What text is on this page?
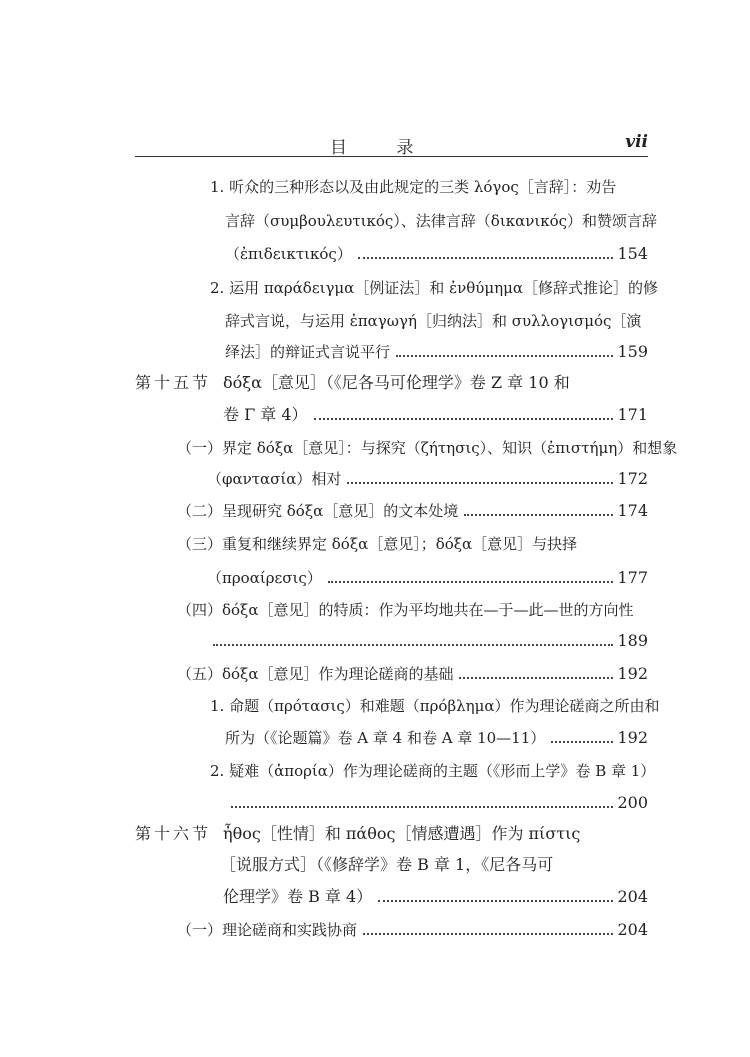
目 录	vii
1. 听众的三种形态以及由此规定的三类 λόγος［言辞］：劝告
言辞（συμβουλευτικός）、法律言辞（δικανικός）和赞颂言辞
（ἐπιδεικτικός）	154
2. 运用 παράδειγμα［例证法］和 ἐνθύμημα［修辞式推论］的修
辞式言说，与运用 ἐπαγωγή［归纳法］和 συλλογισμός［演
绎法］的辩证式言说平行	159
第十五节 δόξα［意见］（《尼各马可伦理学》卷 Z 章 10 和
卷 Γ 章 4）	171
（一）界定 δόξα［意见］：与探究（ζήτησις）、知识（ἐπιστήμη）和想象
（φαντασία）相对	172
（二）呈现研究 δόξα［意见］的文本处境	174
（三）重复和继续界定 δόξα［意见］；δόξα［意见］与抉择
（προαίρεσις）	177
（四）δόξα［意见］的特质：作为平均地共在—于—此—世的方向性
189
（五）δόξα［意见］作为理论磋商的基础	192
1. 命题（πρότασις）和难题（πρόβλημα）作为理论磋商之所由和
所为（《论题篇》卷 A 章 4 和卷 A 章 10—11）	192
2. 疑难（ἀπορία）作为理论磋商的主题（《形而上学》卷 B 章 1）
200
第十六节 ἦθος［性情］和 πάθος［情感遭遇］作为 πίστις
［说服方式］（《修辞学》卷 B 章 1，《尼各马可
伦理学》卷 B 章 4）	204
（一）理论磋商和实践协商	204
